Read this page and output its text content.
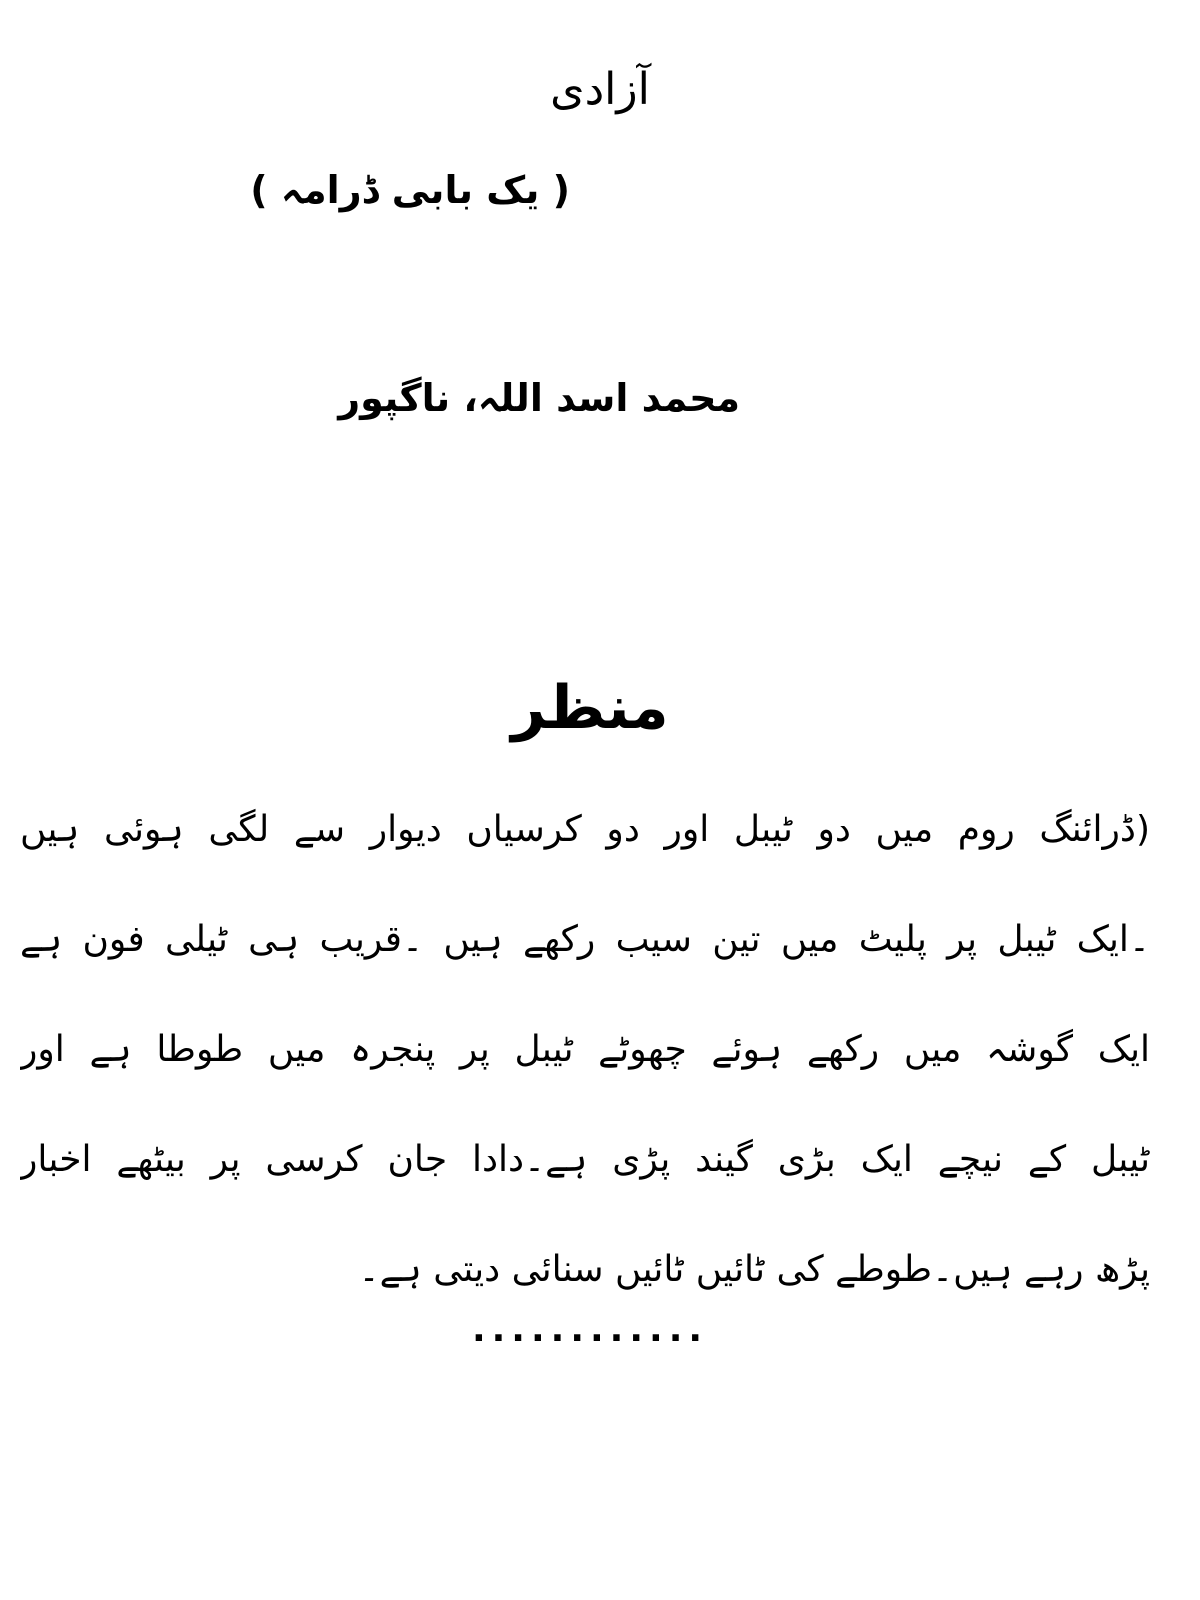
آزادی
( یک بابی ڈرامہ )
محمد اسد اللہ، ناگپور
منظر
(ڈرائنگ روم میں دو ٹیبل اور دو کرسیاں دیوار سے لگی ہوئی ہیں
۔ایک ٹیبل پر پلیٹ میں تین سیب رکھے ہیں ۔قریب ہی ٹیلی فون ہے
ایک گوشہ میں رکھے ہوئے چھوٹے ٹیبل پر پنجرہ میں طوطا ہے اور
ٹیبل کے نیچے ایک بڑی گیند پڑی ہے۔دادا جان کرسی پر بیٹھے اخبار
پڑھ رہے ہیں۔طوطے کی ٹائیں ٹائیں سنائی دیتی ہے۔
............
